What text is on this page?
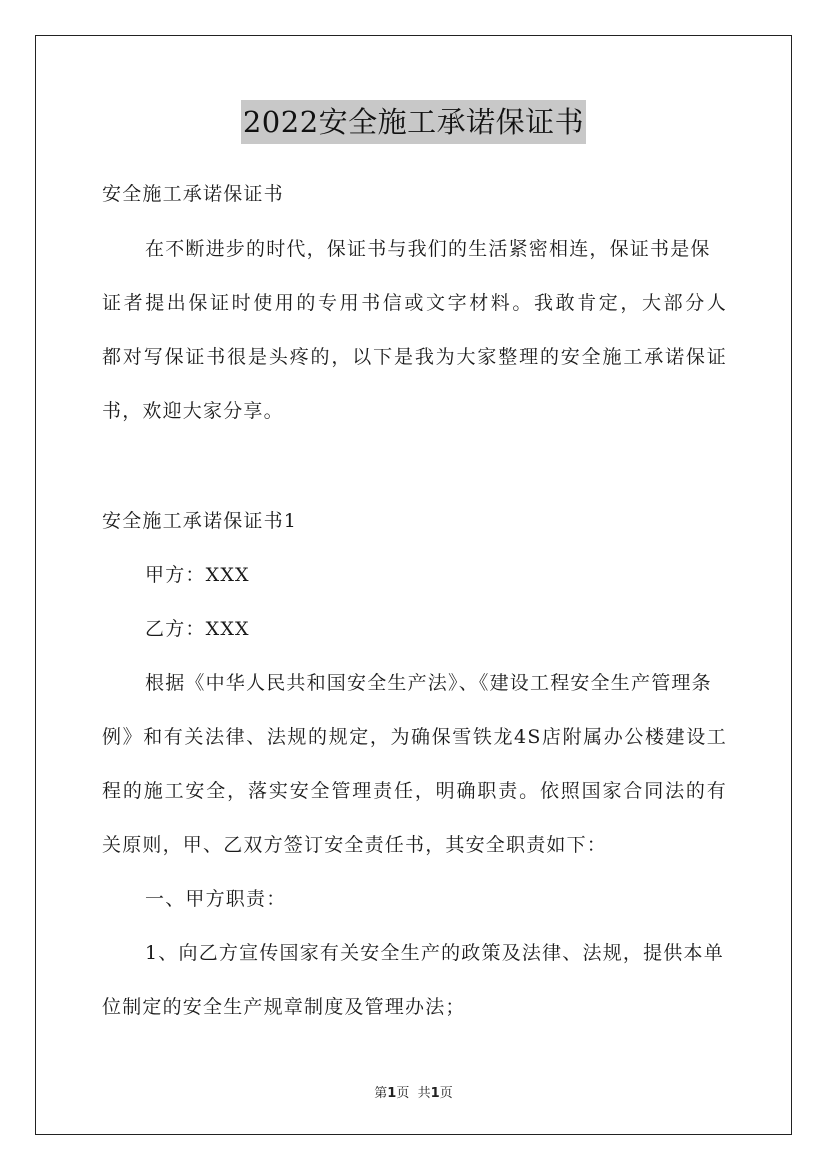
2022安全施工承诺保证书
安全施工承诺保证书
在不断进步的时代，保证书与我们的生活紧密相连，保证书是保
证者提出保证时使用的专用书信或文字材料。我敢肯定，大部分人
都对写保证书很是头疼的，以下是我为大家整理的安全施工承诺保证
书，欢迎大家分享。
安全施工承诺保证书1
甲方：XXX
乙方：XXX
根据《中华人民共和国安全生产法》、《建设工程安全生产管理条
例》和有关法律、法规的规定，为确保雪铁龙4S店附属办公楼建设工
程的施工安全，落实安全管理责任，明确职责。依照国家合同法的有
关原则，甲、乙双方签订安全责任书，其安全职责如下：
一、甲方职责：
1、向乙方宣传国家有关安全生产的政策及法律、法规，提供本单
位制定的安全生产规章制度及管理办法；
第1页 共1页
